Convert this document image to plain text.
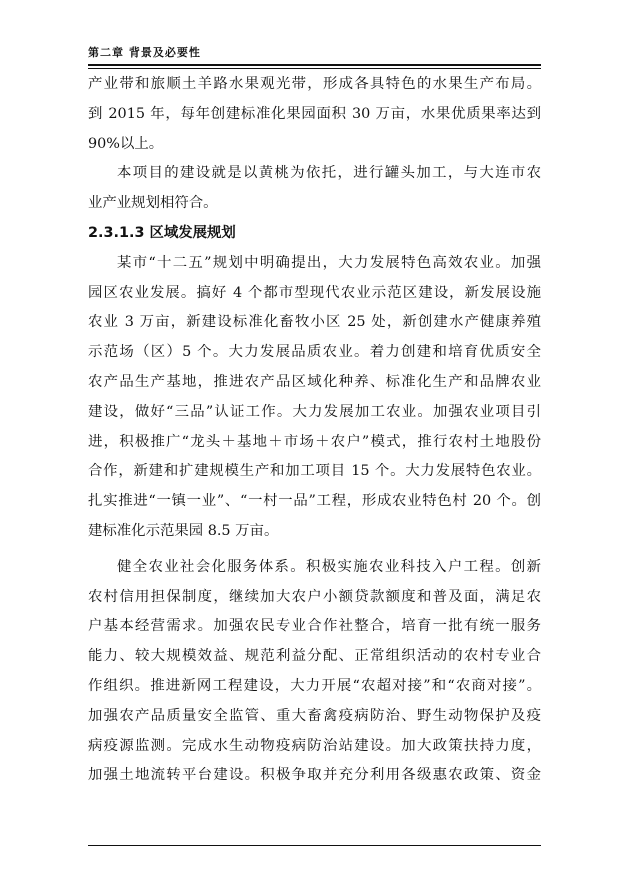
第二章 背景及必要性
产业带和旅顺土羊路水果观光带，形成各具特色的水果生产布局。
到 2015 年，每年创建标准化果园面积 30 万亩，水果优质果率达到
90%以上。
本项目的建设就是以黄桃为依托，进行罐头加工，与大连市农
业产业规划相符合。
2.3.1.3 区域发展规划
某市“十二五”规划中明确提出，大力发展特色高效农业。加强
园区农业发展。搞好 4 个都市型现代农业示范区建设，新发展设施
农业 3 万亩，新建设标准化畜牧小区 25 处，新创建水产健康养殖
示范场（区）5 个。大力发展品质农业。着力创建和培育优质安全
农产品生产基地，推进农产品区域化种养、标准化生产和品牌农业
建设，做好“三品”认证工作。大力发展加工农业。加强农业项目引
进，积极推广“龙头＋基地＋市场＋农户”模式，推行农村土地股份
合作，新建和扩建规模生产和加工项目 15 个。大力发展特色农业。
扎实推进“一镇一业”、“一村一品”工程，形成农业特色村 20 个。创
建标准化示范果园 8.5 万亩。
健全农业社会化服务体系。积极实施农业科技入户工程。创新
农村信用担保制度，继续加大农户小额贷款额度和普及面，满足农
户基本经营需求。加强农民专业合作社整合，培育一批有统一服务
能力、较大规模效益、规范利益分配、正常组织活动的农村专业合
作组织。推进新网工程建设，大力开展“农超对接”和“农商对接”。
加强农产品质量安全监管、重大畜禽疫病防治、野生动物保护及疫
病疫源监测。完成水生动物疫病防治站建设。加大政策扶持力度，
加强土地流转平台建设。积极争取并充分利用各级惠农政策、资金
